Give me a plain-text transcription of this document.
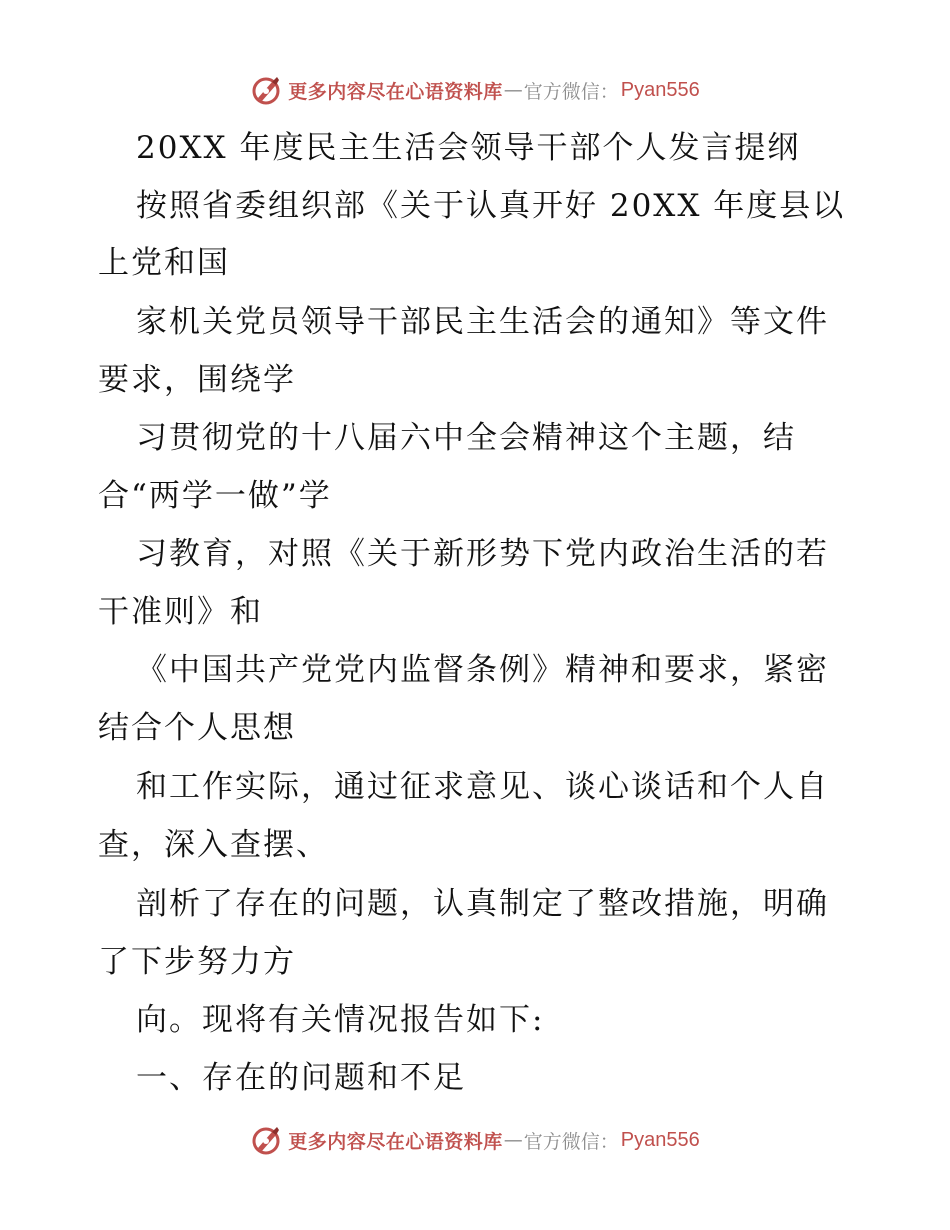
更多内容尽在心语资料库 — 官方微信： Pyan556
20XX 年度民主生活会领导干部个人发言提纲
按照省委组织部《关于认真开好 20XX 年度县以
上党和国
家机关党员领导干部民主生活会的通知》等文件
要求，围绕学
习贯彻党的十八届六中全会精神这个主题，结
合“两学一做”学
习教育，对照《关于新形势下党内政治生活的若
干准则》和
《中国共产党党内监督条例》精神和要求，紧密
结合个人思想
和工作实际，通过征求意见、谈心谈话和个人自
查，深入查摆、
剖析了存在的问题，认真制定了整改措施，明确
了下步努力方
向。现将有关情况报告如下:
一、存在的问题和不足
更多内容尽在心语资料库 — 官方微信： Pyan556
